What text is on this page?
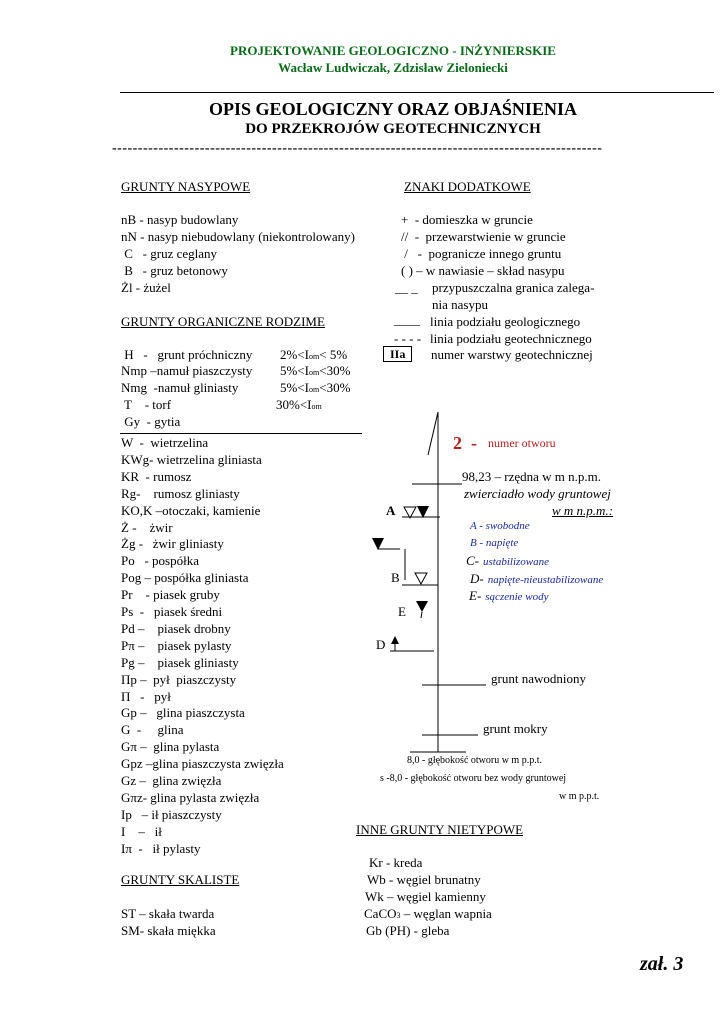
PROJEKTOWANIE GEOLOGICZNO - INŻYNIERSKIE
Wacław Ludwiczak, Zdzisław Zieloniecki
OPIS GEOLOGICZNY ORAZ OBJAŚNIENIA
DO PRZEKROJÓW GEOTECHNICZNYCH
-----------------------------------------------------------------------------------------------
GRUNTY NASYPOWE
nB - nasyp budowlany
nN - nasyp niebudowlany (niekontrolowany)
C   - gruz ceglany
B   - gruz betonowy
Żl - żużel
ZNAKI DODATKOWE
+  - domieszka w gruncie
//  -  przewarstwienie w gruncie
/   -  pogranicze innego gruntu
( ) – w nawiasie – skład nasypu
__ _ przypuszczalna granica zalega-
nia nasypu
____ linia podziału geologicznego
- - - - linia podziału geotechnicznego
IIa	numer warstwy geotechnicznej
GRUNTY ORGANICZNE RODZIME
H   -   grunt próchniczny 2%<Iom< 5%
Nmp –namuł piaszczysty 5%<Iom<30%
Nmg  -namuł gliniasty	5%<Iom<30%
T    - torf	30%<Iom
Gy  - gytia
W  -  wietrzelina
KWg- wietrzelina gliniasta
KR  - rumosz
Rg-    rumosz gliniasty
KO,K –otoczaki, kamienie
Ż -    żwir
Żg -   żwir gliniasty
Po   - pospółka
Pog – pospółka gliniasta
Pr    - piasek gruby
Ps  -   piasek średni
Pd –    piasek drobny
Pπ –    piasek pylasty
Pg –    piasek gliniasty
Πp –  pył  piaszczysty
Π   -   pył
Gp –   glina piaszczysta
G  -     glina
Gπ –  glina pylasta
Gpz –glina piaszczysta zwięzła
Gz –  glina zwięzła
Gπz- glina pylasta zwięzła
Ip   – ił piaszczysty
I    –   ił
Iπ  -   ił pylasty
GRUNTY SKALISTE
ST – skała twarda
SM- skała miękka
2  - numer otworu
98,23 – rzędna w m n.p.m.
zwierciadło wody gruntowej
w m n.p.m.:
A
A - swobodne
B - napięte
C- ustabilizowane
B	D- napięte-nieustabilizowane
E- sączenie wody
E
D
grunt nawodniony
grunt mokry
8,0 - głębokość otworu w m p.p.t.
s -8,0 - głębokość otworu bez wody gruntowej
w m p.p.t.
INNE GRUNTY NIETYPOWE
Kr - kreda
Wb - węgiel brunatny
Wk – węgiel kamienny
CaCO3 – węglan wapnia
Gb (PH) - gleba
zał. 3
